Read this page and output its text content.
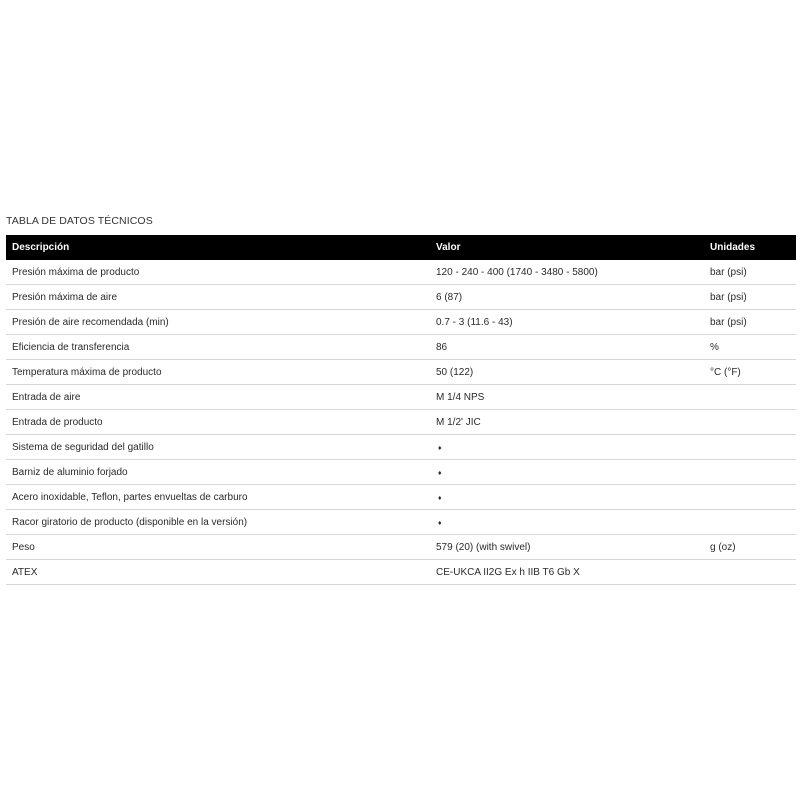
TABLA DE DATOS TÉCNICOS
Descripción	Valor	Unidades
Presión máxima de producto	120 - 240 - 400 (1740 - 3480 - 5800)	bar (psi)
Presión máxima de aire	6 (87)	bar (psi)
Presión de aire recomendada (min)	0.7 - 3 (11.6 - 43)	bar (psi)
Eficiencia de transferencia	86	%
Temperatura máxima de producto	50 (122)	°C (°F)
Entrada de aire	M 1/4 NPS	
Entrada de producto	M 1/2' JIC	
Sistema de seguridad del gatillo	♦	
Barniz de aluminio forjado	♦	
Acero inoxidable, Teflon, partes envueltas de carburo	♦	
Racor giratorio de producto (disponible en la versión)	♦	
Peso	579 (20) (with swivel)	g (oz)
ATEX	CE-UKCA II2G Ex h IIB T6 Gb X	
